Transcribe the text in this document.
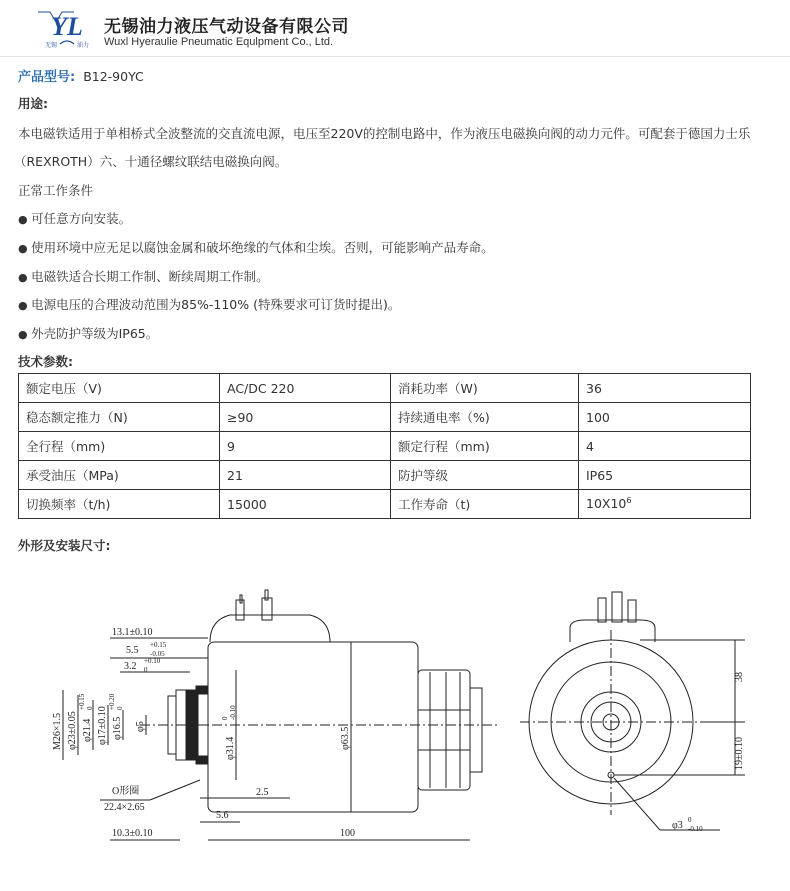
YL
无锡	油力
无锡油力液压气动设备有限公司
Wuxl Hyeraulie Pneumatic Equlpment Co., Ltd.
产品型号: B12-90YC
用途:
本电磁铁适用于单相桥式全波整流的交直流电源，电压至220V的控制电路中，作为液压电磁换向阀的动力元件。可配套于德国力士乐
（REXROTH）六、十通径螺纹联结电磁换向阀。
正常工作条件
● 可任意方向安装。
● 使用环境中应无足以腐蚀金属和破坏绝缘的气体和尘埃。否则，可能影响产品寿命。
● 电磁铁适合长期工作制、断续周期工作制。
● 电源电压的合理波动范围为85%-110% (特殊要求可订货时提出)。
● 外壳防护等级为IP65。
技术参数:
额定电压（V)	AC/DC 220	消耗功率（W)	36
稳态额定推力（N)	≥90	持续通电率（%)	100
全行程（mm)	9	额定行程（mm)	4
承受油压（MPa)	21	防护等级	IP65
切换频率（t/h)	15000	工作寿命（t)	$10X10^6$
外形及安装尺寸:
13.1±0.10
5.5 +0.15
-0.05
3.2 +0.10
0
M26×1.5 φ23±0.05 φ21.4
+0.15 0 φ17±0.10 φ16.5
+0.20 0
φ5
φ31.4
0 -0.10
φ63.5
O形圈
22.4×2.65
2.5
5.6
10.3±0.10	100
38
19±0.10
φ3 0
-0.10
